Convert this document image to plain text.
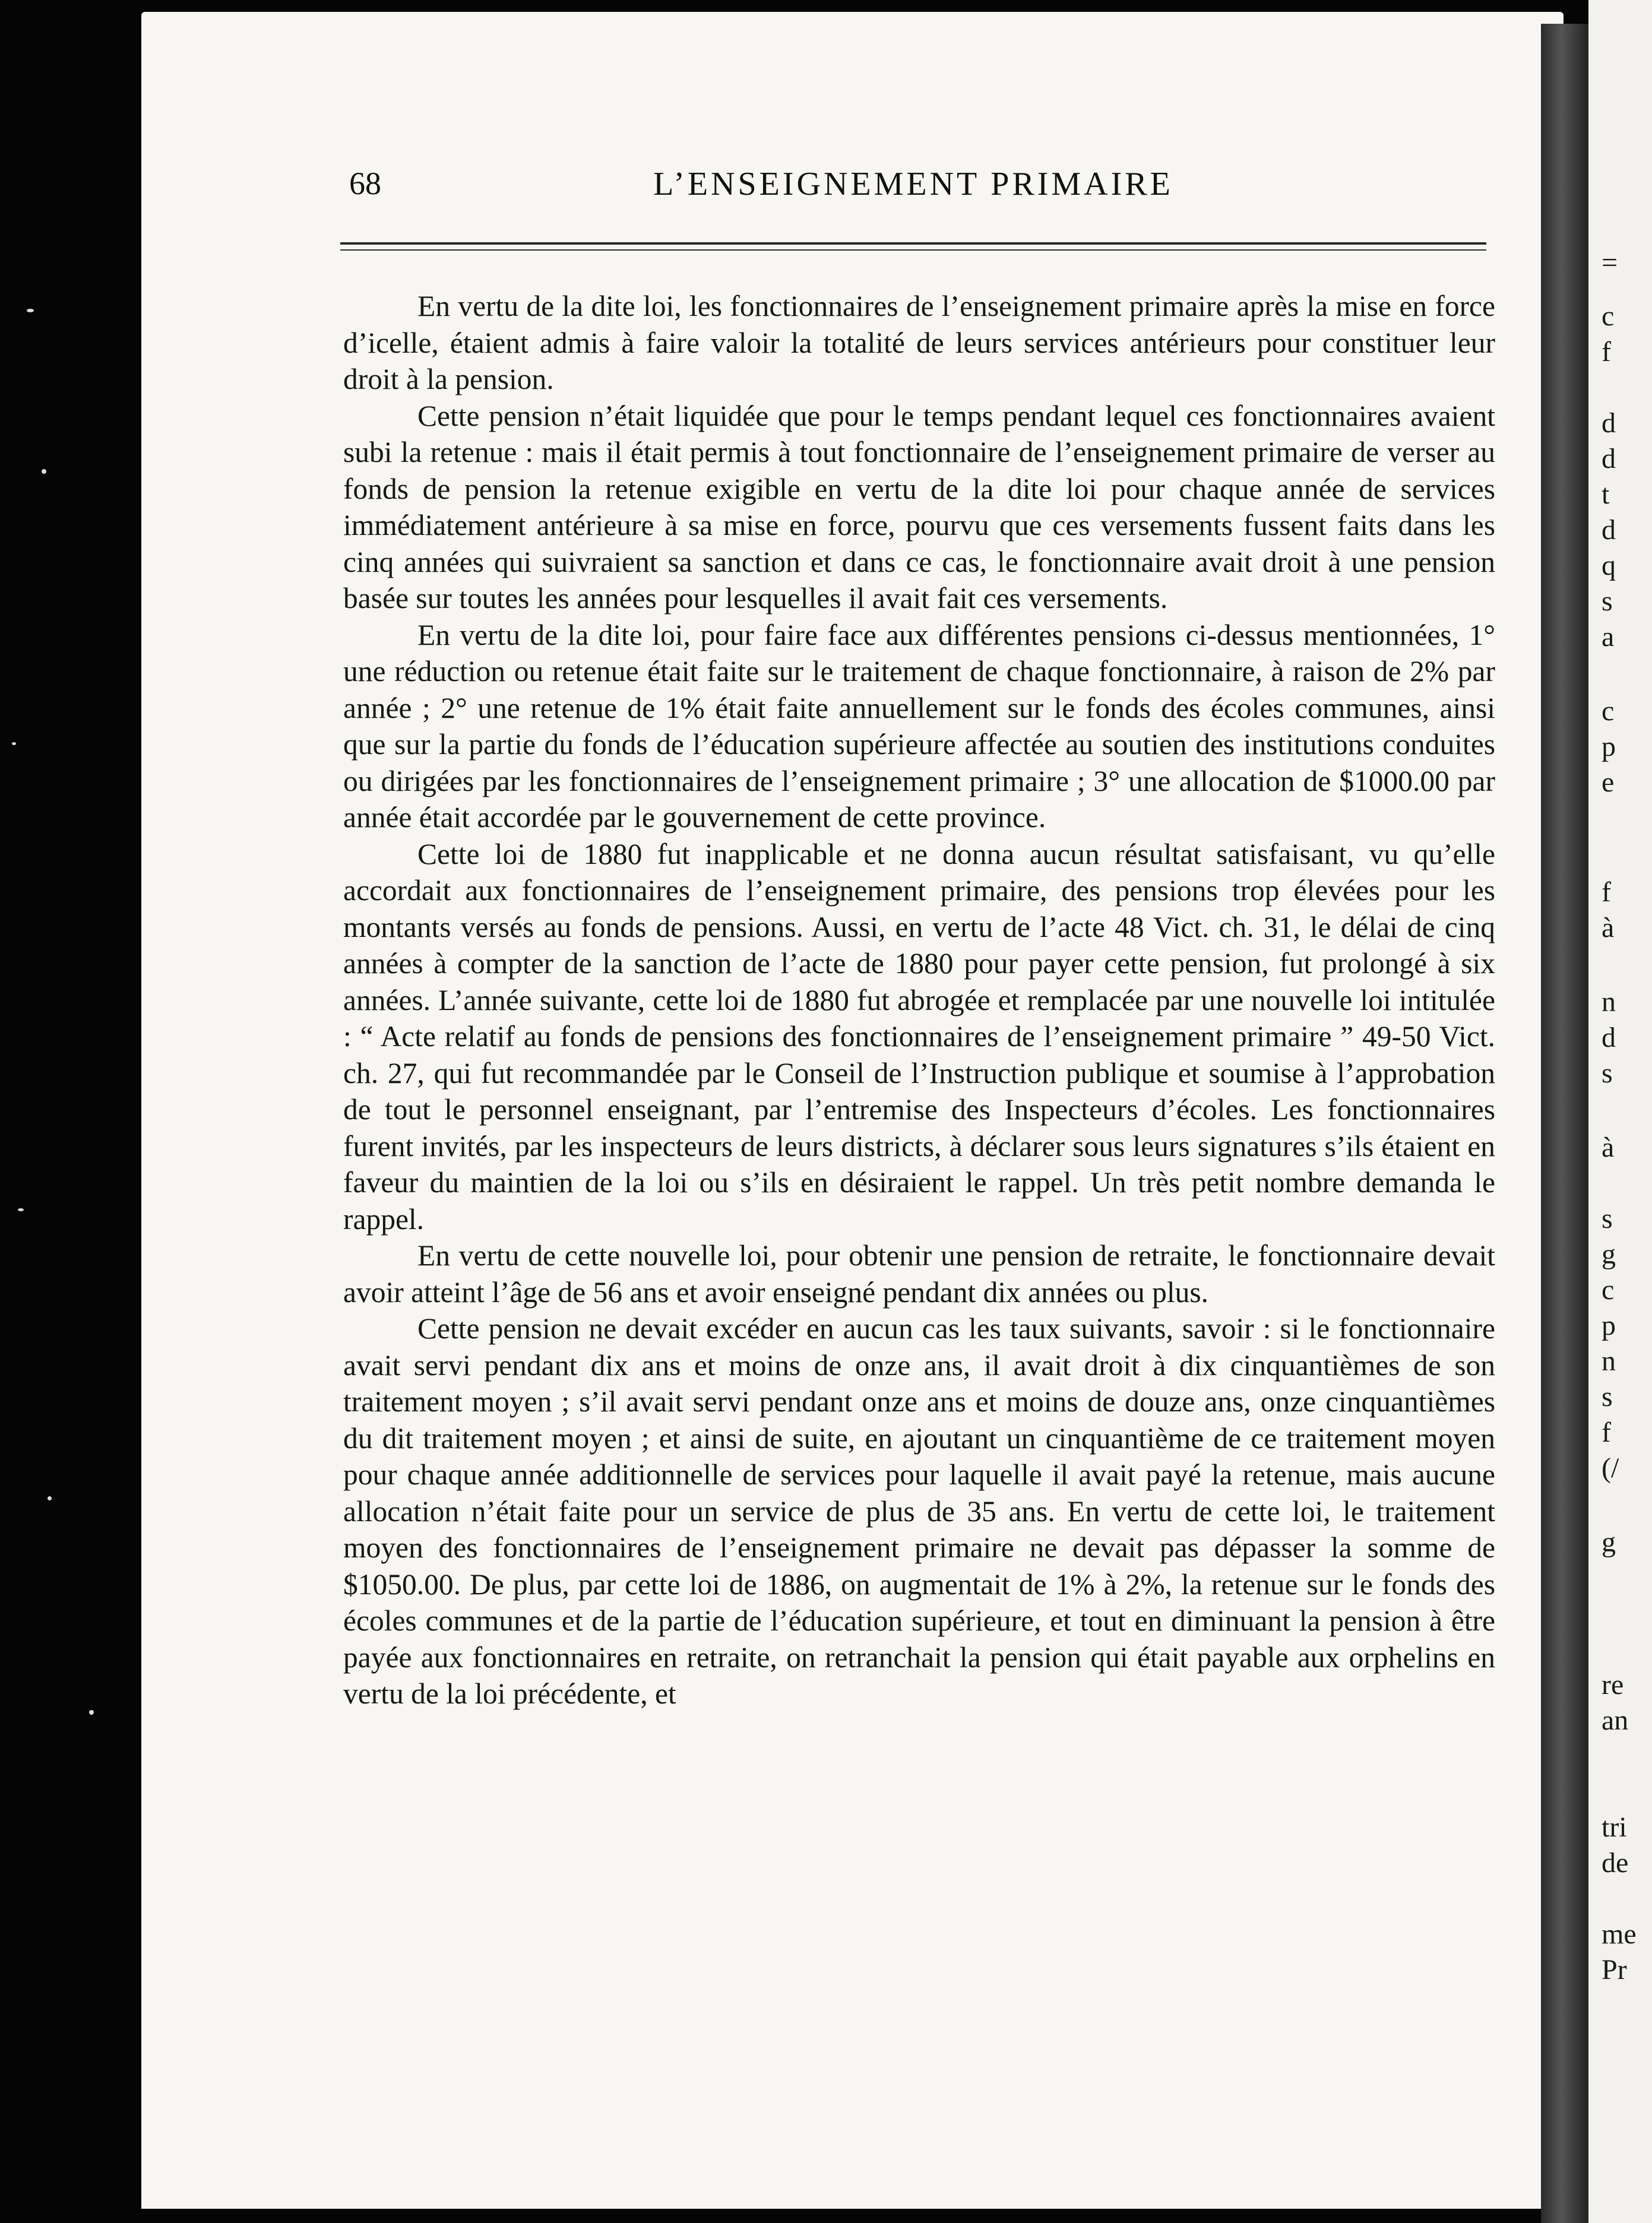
=
c
f
d
d
t
d
q
s
a
c
p
e
f
à
n
d
s
à
s
g
c
p
n
s
f
(/
g
re
an
tri
de
me
Pr
68	L’ENSEIGNEMENT PRIMAIRE

En vertu de la dite loi, les fonctionnaires de l’enseignement primaire après la mise en force d’icelle, étaient admis à faire valoir la totalité de leurs services antérieurs pour constituer leur droit à la pension.

Cette pension n’était liquidée que pour le temps pendant lequel ces fonctionnaires avaient subi la retenue : mais il était permis à tout fonctionnaire de l’enseignement primaire de verser au fonds de pension la retenue exigible en vertu de la dite loi pour chaque année de services immédiatement antérieure à sa mise en force, pourvu que ces versements fussent faits dans les cinq années qui suivraient sa sanction et dans ce cas, le fonctionnaire avait droit à une pension basée sur toutes les années pour lesquelles il avait fait ces versements.

En vertu de la dite loi, pour faire face aux différentes pensions ci-dessus mentionnées, 1° une réduction ou retenue était faite sur le traitement de chaque fonctionnaire, à raison de 2% par année ; 2° une retenue de 1% était faite annuellement sur le fonds des écoles communes, ainsi que sur la partie du fonds de l’éducation supérieure affectée au soutien des institutions conduites ou dirigées par les fonctionnaires de l’enseignement primaire ; 3° une allocation de $1000.00 par année était accordée par le gouvernement de cette province.

Cette loi de 1880 fut inapplicable et ne donna aucun résultat satisfaisant, vu qu’elle accordait aux fonctionnaires de l’enseignement primaire, des pensions trop élevées pour les montants versés au fonds de pensions. Aussi, en vertu de l’acte 48 Vict. ch. 31, le délai de cinq années à compter de la sanction de l’acte de 1880 pour payer cette pension, fut prolongé à six années. L’année suivante, cette loi de 1880 fut abrogée et remplacée par une nouvelle loi intitulée : “ Acte relatif au fonds de pensions des fonctionnaires de l’enseignement primaire ” 49-50 Vict. ch. 27, qui fut recommandée par le Conseil de l’Instruction publique et soumise à l’approbation de tout le personnel enseignant, par l’entremise des Inspecteurs d’écoles. Les fonctionnaires furent invités, par les inspecteurs de leurs districts, à déclarer sous leurs signatures s’ils étaient en faveur du maintien de la loi ou s’ils en désiraient le rappel. Un très petit nombre demanda le rappel.

En vertu de cette nouvelle loi, pour obtenir une pension de retraite, le fonctionnaire devait avoir atteint l’âge de 56 ans et avoir enseigné pendant dix années ou plus.

Cette pension ne devait excéder en aucun cas les taux suivants, savoir : si le fonctionnaire avait servi pendant dix ans et moins de onze ans, il avait droit à dix cinquantièmes de son traitement moyen ; s’il avait servi pendant onze ans et moins de douze ans, onze cinquantièmes du dit traitement moyen ; et ainsi de suite, en ajoutant un cinquantième de ce traitement moyen pour chaque année additionnelle de services pour laquelle il avait payé la retenue, mais aucune allocation n’était faite pour un service de plus de 35 ans. En vertu de cette loi, le traitement moyen des fonctionnaires de l’enseignement primaire ne devait pas dépasser la somme de $1050.00. De plus, par cette loi de 1886, on augmentait de 1% à 2%, la retenue sur le fonds des écoles communes et de la partie de l’éducation supérieure, et tout en diminuant la pension à être payée aux fonctionnaires en retraite, on retranchait la pension qui était payable aux orphelins en vertu de la loi précédente, et
